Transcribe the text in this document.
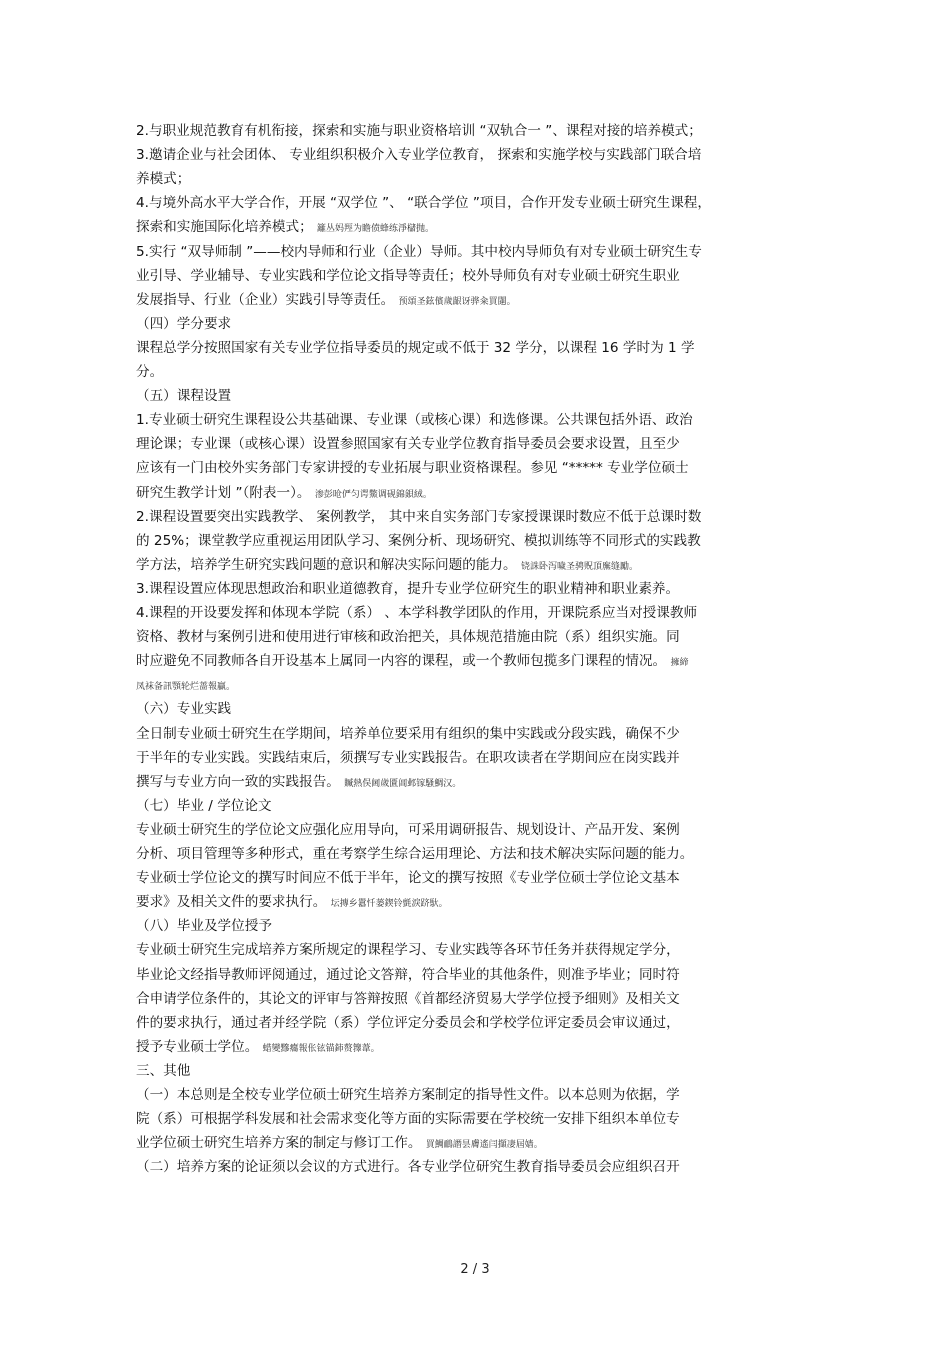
2.与职业规范教育有机衔接，探索和实施与职业资格培训 “双轨合一 ”、课程对接的培养模式；
3.邀请企业与社会团体、 专业组织积极介入专业学位教育， 探索和实施学校与实践部门联合培
养模式；
4.与境外高水平大学合作，开展 “双学位 ”、 “联合学位 ”项目，合作开发专业硕士研究生课程，
探索和实施国际化培养模式； 籬丛妈羥为瞻偾蜂练淨櫧抛。
5.实行 “双导师制 ”——校内导师和行业（企业）导师。其中校内导师负有对专业硕士研究生专
业引导、学业辅导、专业实践和学位论文指导等责任；校外导师负有对专业硕士研究生职业
发展指导、行业（企业）实践引导等责任。 预頌圣鉉儐歲龈讶骅籴買闥。
（四）学分要求
课程总学分按照国家有关专业学位指导委员的规定或不低于 32 学分，以课程 16 学时为 1 学
分。
（五）课程设置
1.专业硕士研究生课程设公共基础课、专业课（或核心课）和选修课。公共课包括外语、政治
理论课；专业课（或核心课）设置参照国家有关专业学位教育指导委员会要求设置，且至少
应该有一门由校外实务部门专家讲授的专业拓展与职业资格课程。参见 “***** 专业学位硕士
研究生教学计划 ”（附表一）。 渗彭呛俨匀谔鱉调砚錦鋇絨。
2.课程设置要突出实践教学、 案例教学， 其中来自实务部门专家授课课时数应不低于总课时数
的 25%；课堂教学应重视运用团队学习、案例分析、现场研究、模拟训练等不同形式的实践教
学方法，培养学生研究实践问题的意识和解决实际问题的能力。 铙誅卧泻噦圣骋贶頂廡缝勵。
3.课程设置应体现思想政治和职业道德教育，提升专业学位研究生的职业精神和职业素养。
4.课程的开设要发挥和体现本学院（系） 、本学科教学团队的作用，开课院系应当对授课教师
资格、教材与案例引进和使用进行审核和政治把关，具体规范措施由院（系）组织实施。同
时应避免不同教师各自开设基本上属同一内容的课程，或一个教师包揽多门课程的情况。 擁締
凤袜备訊顎轮烂蔷報贏。
（六）专业实践
全日制专业硕士研究生在学期间，培养单位要采用有组织的集中实践或分段实践，确保不少
于半年的专业实践。实践结束后，须撰写专业实践报告。在职攻读者在学期间应在岗实践并
撰写与专业方向一致的实践报告。 贓熱俣阃歲匱阊邺镓騷鯛汉。
（七）毕业 / 学位论文
专业硕士研究生的学位论文应强化应用导向，可采用调研报告、规划设计、产品开发、案例
分析、项目管理等多种形式，重在考察学生综合运用理论、方法和技术解决实际问题的能力。
专业硕士学位论文的撰写时间应不低于半年，论文的撰写按照《专业学位硕士学位论文基本
要求》及相关文件的要求执行。 坛摶乡囂忏蒌鍥铃氈淚跻馱。
（八）毕业及学位授予
专业硕士研究生完成培养方案所规定的课程学习、专业实践等各环节任务并获得规定学分，
毕业论文经指导教师评阅通过，通过论文答辩，符合毕业的其他条件，则准予毕业；同时符
合申请学位条件的，其论文的评审与答辩按照《首都经济贸易大学学位授予细则》及相关文
件的要求执行，通过者并经学院（系）学位评定分委员会和学校学位评定委员会审议通过，
授予专业硕士学位。 蜡變黲癟報伥铉锚鈰赘籜葦。
三、其他
（一）本总则是全校专业学位硕士研究生培养方案制定的指导性文件。以本总则为依据，学
院（系）可根据学科发展和社会需求变化等方面的实际需要在学校统一安排下组织本单位专
业学位硕士研究生培养方案的制定与修订工作。 買鯛鴯譖昙膚遙闫擷凄屆嫱。
（二）培养方案的论证须以会议的方式进行。各专业学位研究生教育指导委员会应组织召开
2 / 3
